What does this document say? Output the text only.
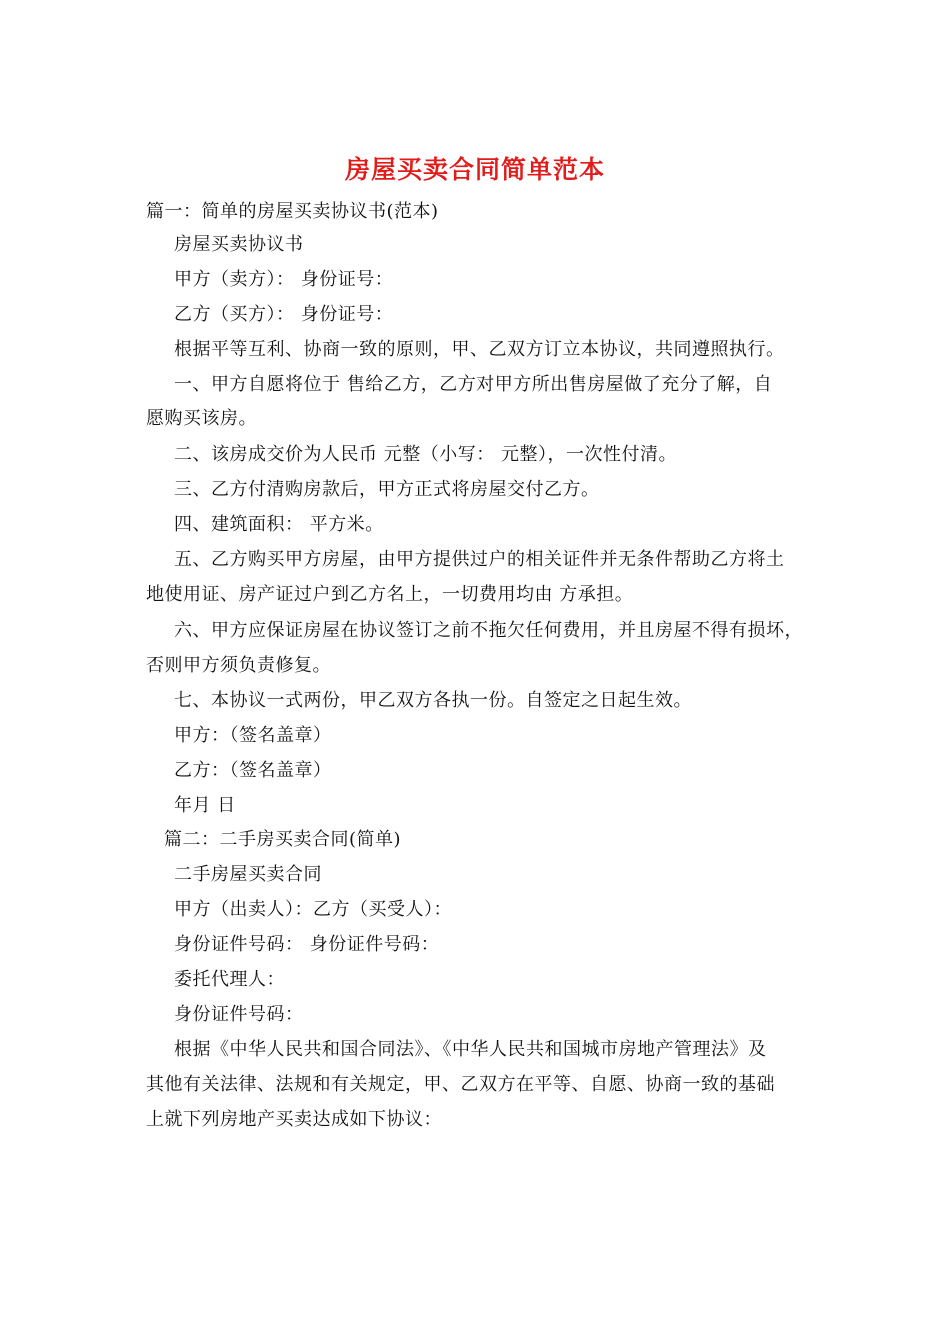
房屋买卖合同简单范本
篇一：简单的房屋买卖协议书(范本)
房屋买卖协议书
甲方（卖方）： 身份证号：
乙方（买方）： 身份证号：
根据平等互利、协商一致的原则，甲、乙双方订立本协议，共同遵照执行。
一、甲方自愿将位于 售给乙方，乙方对甲方所出售房屋做了充分了解，自
愿购买该房。
二、该房成交价为人民币 元整（小写： 元整），一次性付清。
三、乙方付清购房款后，甲方正式将房屋交付乙方。
四、建筑面积： 平方米。
五、乙方购买甲方房屋，由甲方提供过户的相关证件并无条件帮助乙方将土
地使用证、房产证过户到乙方名上，一切费用均由 方承担。
六、甲方应保证房屋在协议签订之前不拖欠任何费用，并且房屋不得有损坏，
否则甲方须负责修复。
七、本协议一式两份，甲乙双方各执一份。自签定之日起生效。
甲方：（签名盖章）
乙方：（签名盖章）
年月 日
篇二：二手房买卖合同(简单)
二手房屋买卖合同
甲方（出卖人）：乙方（买受人）：
身份证件号码： 身份证件号码：
委托代理人：
身份证件号码：
根据《中华人民共和国合同法》、《中华人民共和国城市房地产管理法》及
其他有关法律、法规和有关规定，甲、乙双方在平等、自愿、协商一致的基础
上就下列房地产买卖达成如下协议：
